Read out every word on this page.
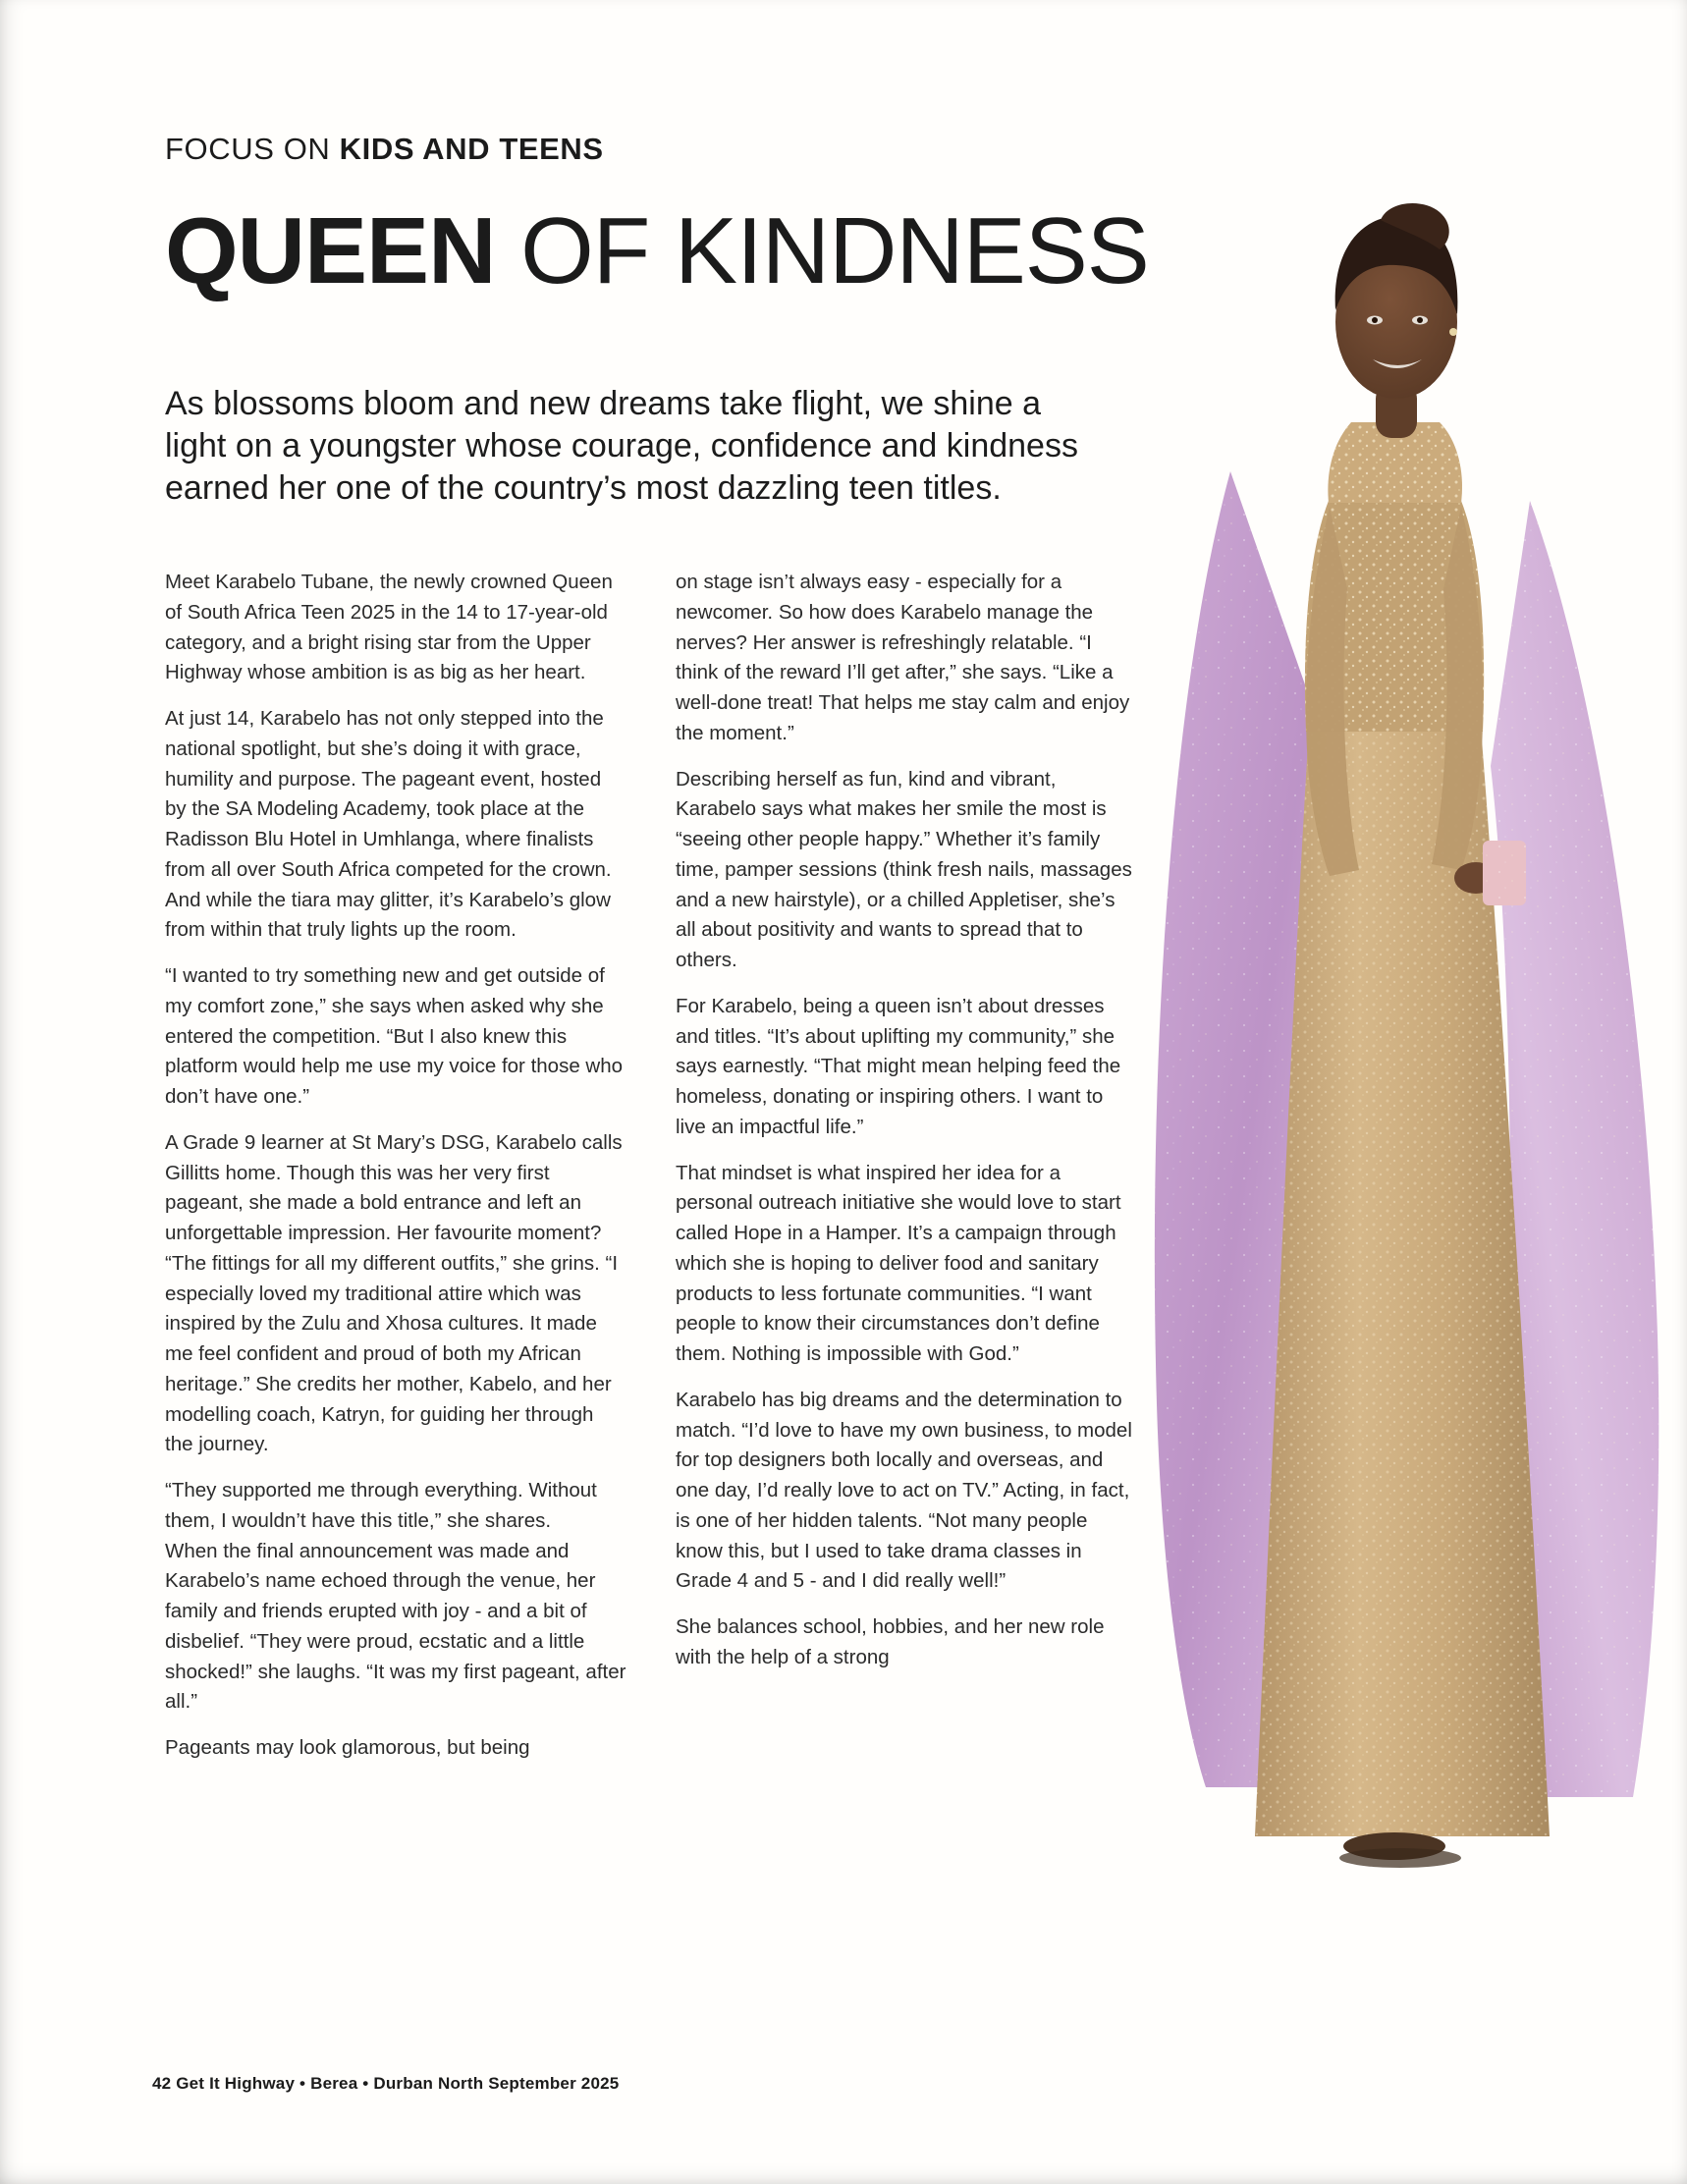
FOCUS ON KIDS AND TEENS
QUEEN OF KINDNESS
As blossoms bloom and new dreams take flight, we shine a light on a youngster whose courage, confidence and kindness earned her one of the country’s most dazzling teen titles.

Meet Karabelo Tubane, the newly crowned Queen of South Africa Teen 2025 in the 14 to 17-year-old category, and a bright rising star from the Upper Highway whose ambition is as big as her heart.

At just 14, Karabelo has not only stepped into the national spotlight, but she’s doing it with grace, humility and purpose. The pageant event, hosted by the SA Modeling Academy, took place at the Radisson Blu Hotel in Umhlanga, where finalists from all over South Africa competed for the crown. And while the tiara may glitter, it’s Karabelo’s glow from within that truly lights up the room.

“I wanted to try something new and get outside of my comfort zone,” she says when asked why she entered the competition. “But I also knew this platform would help me use my voice for those who don’t have one.”

A Grade 9 learner at St Mary’s DSG, Karabelo calls Gillitts home. Though this was her very first pageant, she made a bold entrance and left an unforgettable impression. Her favourite moment?

“The fittings for all my different outfits,” she grins. “I especially loved my traditional attire which was inspired by the Zulu and Xhosa cultures. It made me feel confident and proud of both my African heritage.” She credits her mother, Kabelo, and her modelling coach, Katryn, for guiding her through the journey.

“They supported me through everything. Without them, I wouldn’t have this title,” she shares.

When the final announcement was made and Karabelo’s name echoed through the venue, her family and friends erupted with joy - and a bit of disbelief. “They were proud, ecstatic and a little shocked!” she laughs. “It was my first pageant, after all.”

Pageants may look glamorous, but being

on stage isn’t always easy - especially for a newcomer. So how does Karabelo manage the nerves? Her answer is refreshingly relatable. “I think of the reward I’ll get after,” she says. “Like a well-done treat! That helps me stay calm and enjoy the moment.”

Describing herself as fun, kind and vibrant, Karabelo says what makes her smile the most is “seeing other people happy.” Whether it’s family time, pamper sessions (think fresh nails, massages and a new hairstyle), or a chilled Appletiser, she’s all about positivity and wants to spread that to others.

For Karabelo, being a queen isn’t about dresses and titles. “It’s about uplifting my community,” she says earnestly. “That might mean helping feed the homeless, donating or inspiring others. I want to live an impactful life.”

That mindset is what inspired her idea for a personal outreach initiative she would love to start called Hope in a Hamper. It’s a campaign through which she is hoping to deliver food and sanitary products to less fortunate communities. “I want people to know their circumstances don’t define them. Nothing is impossible with God.”

Karabelo has big dreams and the determination to match. “I’d love to have my own business, to model for top designers both locally and overseas, and one day, I’d really love to act on TV.” Acting, in fact, is one of her hidden talents. “Not many people know this, but I used to take drama classes in Grade 4 and 5 - and I did really well!”

She balances school, hobbies, and her new role with the help of a strong

42 Get It Highway • Berea • Durban North September 2025
